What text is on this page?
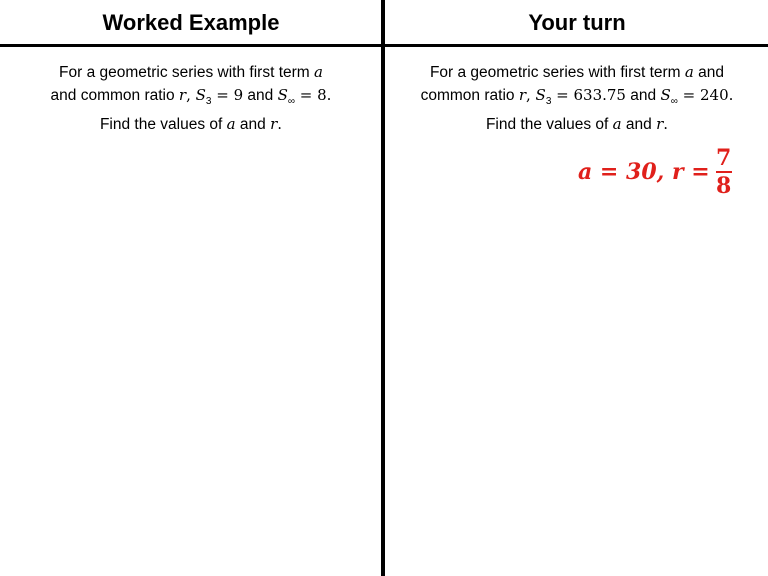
Worked Example	Your turn
For a geometric series with first term a
and common ratio r, $S_3 = 9$ and $S_\infty = 8$.
Find the values of a and r.
For a geometric series with first term a and
common ratio r, $S_3 = 633.75$ and $S_\infty = 240$.
Find the values of a and r.
a = 30, $r = \frac{7}{8}$
